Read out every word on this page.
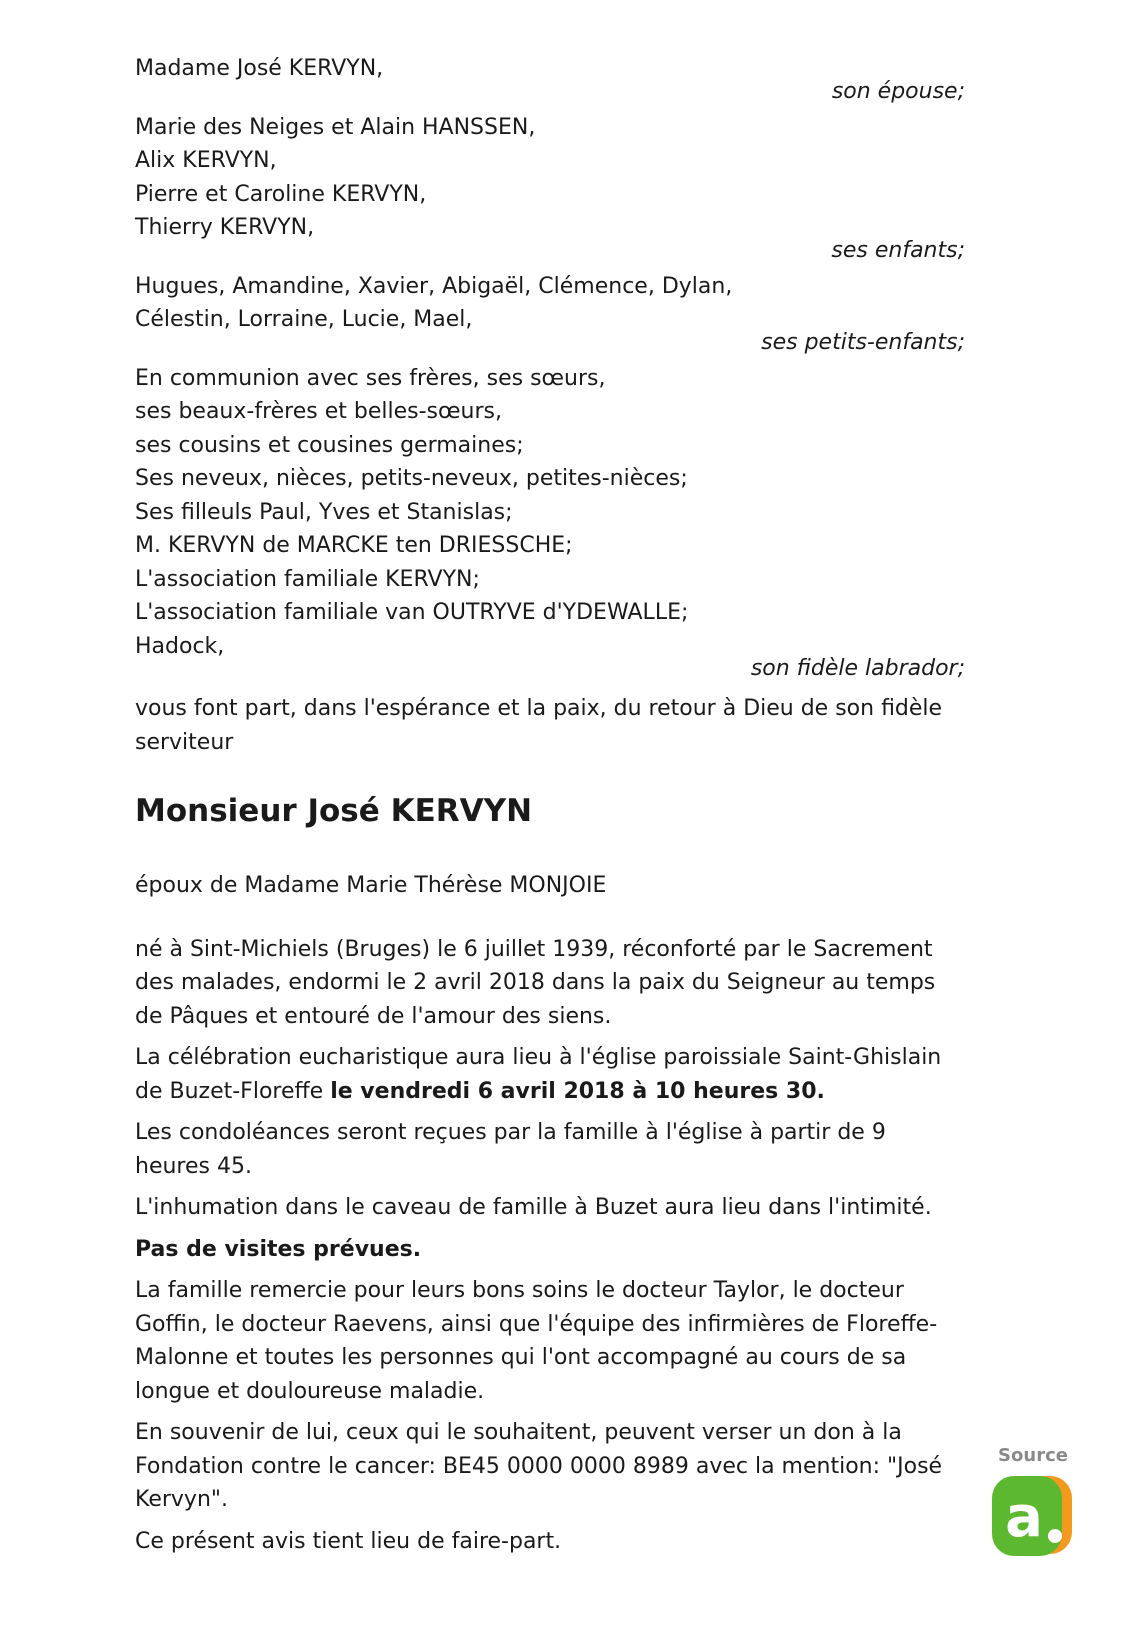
Madame José KERVYN,
son épouse;
Marie des Neiges et Alain HANSSEN,
Alix KERVYN,
Pierre et Caroline KERVYN,
Thierry KERVYN,
ses enfants;
Hugues, Amandine, Xavier, Abigaël, Clémence, Dylan,
Célestin, Lorraine, Lucie, Mael,
ses petits-enfants;
En communion avec ses frères, ses sœurs,
ses beaux-frères et belles-sœurs,
ses cousins et cousines germaines;
Ses neveux, nièces, petits-neveux, petites-nièces;
Ses filleuls Paul, Yves et Stanislas;
M. KERVYN de MARCKE ten DRIESSCHE;
L'association familiale KERVYN;
L'association familiale van OUTRYVE d'YDEWALLE;
Hadock,
son fidèle labrador;
vous font part, dans l'espérance et la paix, du retour à Dieu de son fidèle serviteur
Monsieur José KERVYN
époux de Madame Marie Thérèse MONJOIE
né à Sint-Michiels (Bruges) le 6 juillet 1939, réconforté par le Sacrement des malades, endormi le 2 avril 2018 dans la paix du Seigneur au temps de Pâques et entouré de l'amour des siens.
La célébration eucharistique aura lieu à l'église paroissiale Saint-Ghislain de Buzet-Floreffe le vendredi 6 avril 2018 à 10 heures 30.
Les condoléances seront reçues par la famille à l'église à partir de 9 heures 45.
L'inhumation dans le caveau de famille à Buzet aura lieu dans l'intimité.
Pas de visites prévues.
La famille remercie pour leurs bons soins le docteur Taylor, le docteur Goffin, le docteur Raevens, ainsi que l'équipe des infirmières de Floreffe-Malonne et toutes les personnes qui l'ont accompagné au cours de sa longue et douloureuse maladie.
En souvenir de lui, ceux qui le souhaitent, peuvent verser un don à la Fondation contre le cancer: BE45 0000 0000 8989 avec la mention: "José Kervyn".
Ce présent avis tient lieu de faire-part.
Source
a
